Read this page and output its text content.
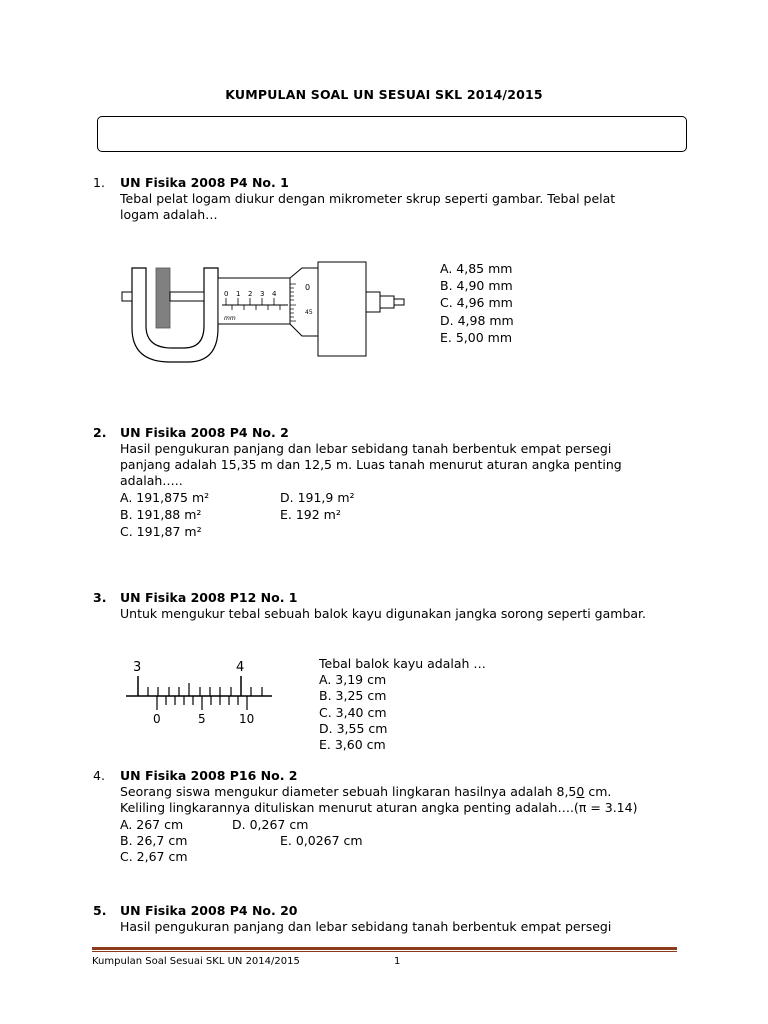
KUMPULAN SOAL UN SESUAI SKL 2014/2015
1. UN Fisika 2008 P4 No. 1
Tebal pelat logam diukur dengan mikrometer skrup seperti gambar. Tebal pelat
logam adalah…
0 1 2 3 4
mm
0
45
A. 4,85 mm
B. 4,90 mm
C. 4,96 mm
D. 4,98 mm
E. 5,00 mm
2. UN Fisika 2008 P4 No. 2
Hasil pengukuran panjang dan lebar sebidang tanah berbentuk empat persegi
panjang adalah 15,35 m dan 12,5 m. Luas tanah menurut aturan angka penting
adalah…..
A. 191,875 m²
B. 191,88 m²
C. 191,87 m²
D. 191,9 m²
E. 192 m²
3. UN Fisika 2008 P12 No. 1
Untuk mengukur tebal sebuah balok kayu digunakan jangka sorong seperti gambar.
3	4
0	5	10
Tebal balok kayu adalah …
A. 3,19 cm
B. 3,25 cm
C. 3,40 cm
D. 3,55 cm
E. 3,60 cm
4. UN Fisika 2008 P16 No. 2
Seorang siswa mengukur diameter sebuah lingkaran hasilnya adalah 8,50 cm.
Keliling lingkarannya dituliskan menurut aturan angka penting adalah….(π = 3.14)
A. 267 cm
B. 26,7 cm
C. 2,67 cm
D. 0,267 cm
E. 0,0267 cm
5. UN Fisika 2008 P4 No. 20
Hasil pengukuran panjang dan lebar sebidang tanah berbentuk empat persegi
Kumpulan Soal Sesuai SKL UN 2014/2015	1
